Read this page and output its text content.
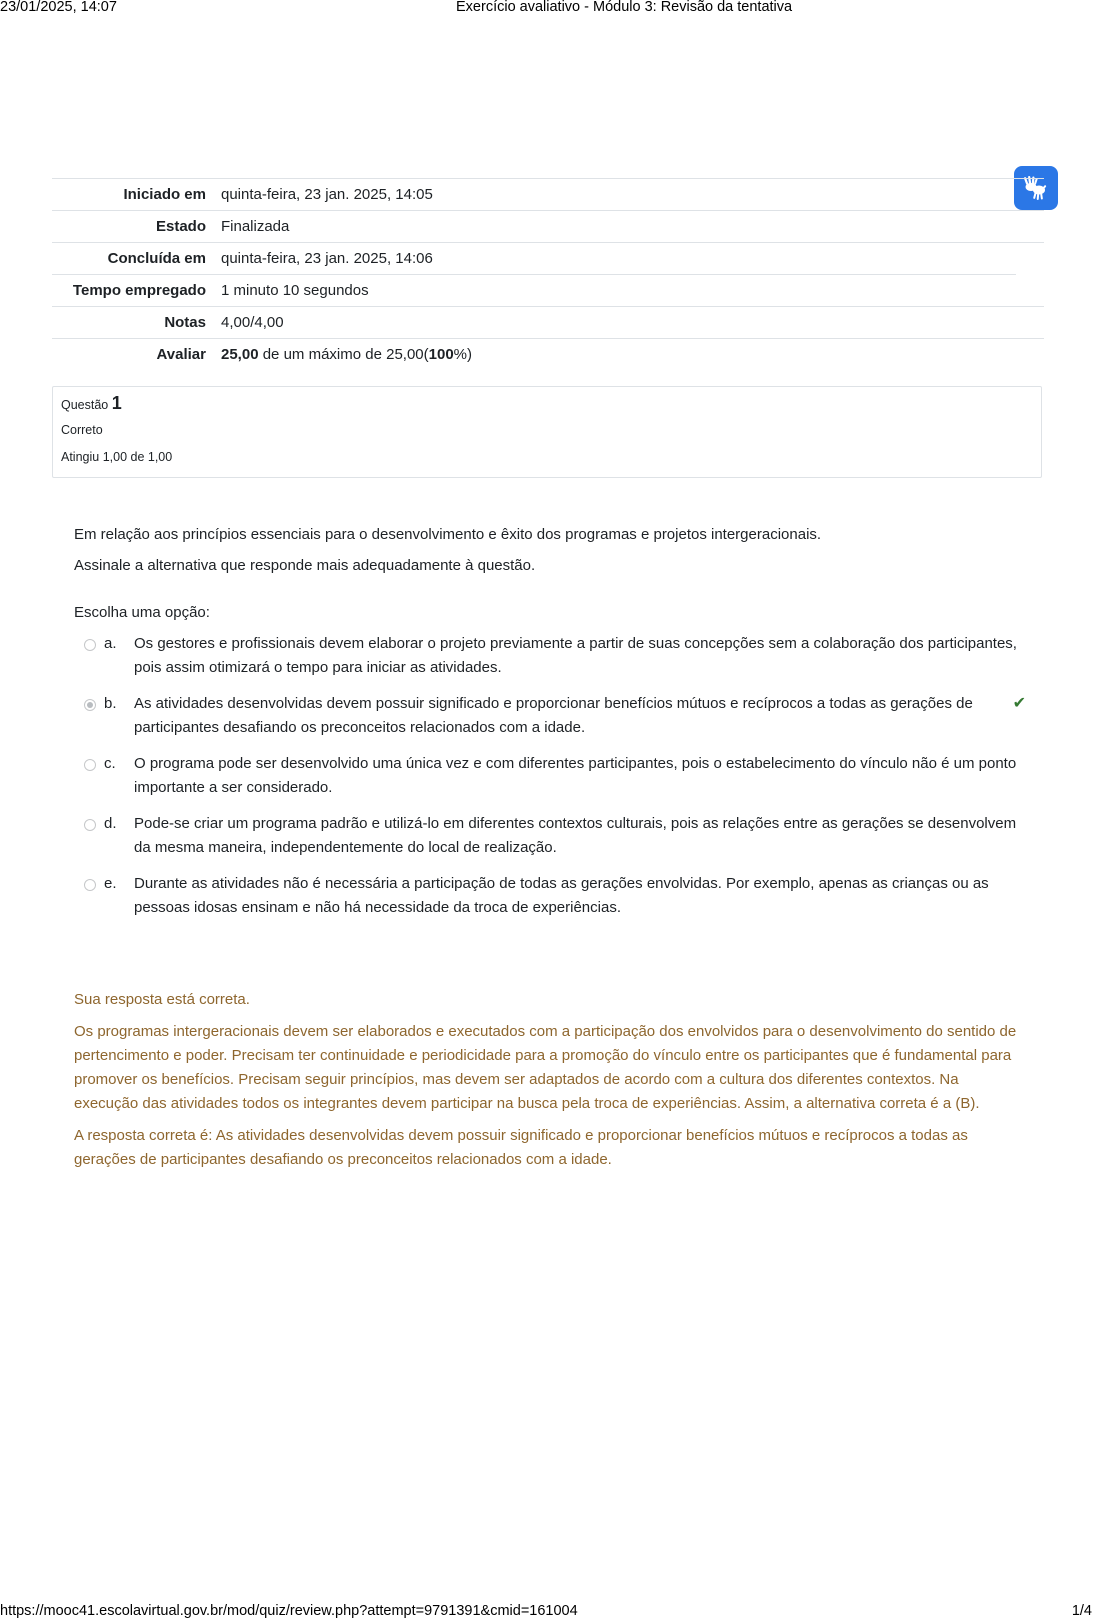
23/01/2025, 14:07	Exercício avaliativo - Módulo 3: Revisão da tentativa
Iniciado em	quinta-feira, 23 jan. 2025, 14:05
Estado	Finalizada
Concluída em	quinta-feira, 23 jan. 2025, 14:06
Tempo empregado	1 minuto 10 segundos
Notas	4,00/4,00
Avaliar	25,00 de um máximo de 25,00(100%)
Questão 1
Correto
Atingiu 1,00 de 1,00

Em relação aos princípios essenciais para o desenvolvimento e êxito dos programas e projetos intergeracionais.

Assinale a alternativa que responde mais adequadamente à questão.

Escolha uma opção:
a.	Os gestores e profissionais devem elaborar o projeto previamente a partir de suas concepções sem a colaboração dos participantes, pois assim otimizará o tempo para iniciar as atividades.
b.	As atividades desenvolvidas devem possuir significado e proporcionar benefícios mútuos e recíprocos a todas as gerações de participantes desafiando os preconceitos relacionados com a idade.
✔
c.	O programa pode ser desenvolvido uma única vez e com diferentes participantes, pois o estabelecimento do vínculo não é um ponto importante a ser considerado.
d.	Pode-se criar um programa padrão e utilizá-lo em diferentes contextos culturais, pois as relações entre as gerações se desenvolvem da mesma maneira, independentemente do local de realização.
e.	Durante as atividades não é necessária a participação de todas as gerações envolvidas. Por exemplo, apenas as crianças ou as pessoas idosas ensinam e não há necessidade da troca de experiências.

Sua resposta está correta.

Os programas intergeracionais devem ser elaborados e executados com a participação dos envolvidos para o desenvolvimento do sentido de pertencimento e poder. Precisam ter continuidade e periodicidade para a promoção do vínculo entre os participantes que é fundamental para promover os benefícios. Precisam seguir princípios, mas devem ser adaptados de acordo com a cultura dos diferentes contextos. Na execução das atividades todos os integrantes devem participar na busca pela troca de experiências. Assim, a alternativa correta é a (B).

A resposta correta é: As atividades desenvolvidas devem possuir significado e proporcionar benefícios mútuos e recíprocos a todas as gerações de participantes desafiando os preconceitos relacionados com a idade.

https://mooc41.escolavirtual.gov.br/mod/quiz/review.php?attempt=9791391&cmid=161004	1/4
